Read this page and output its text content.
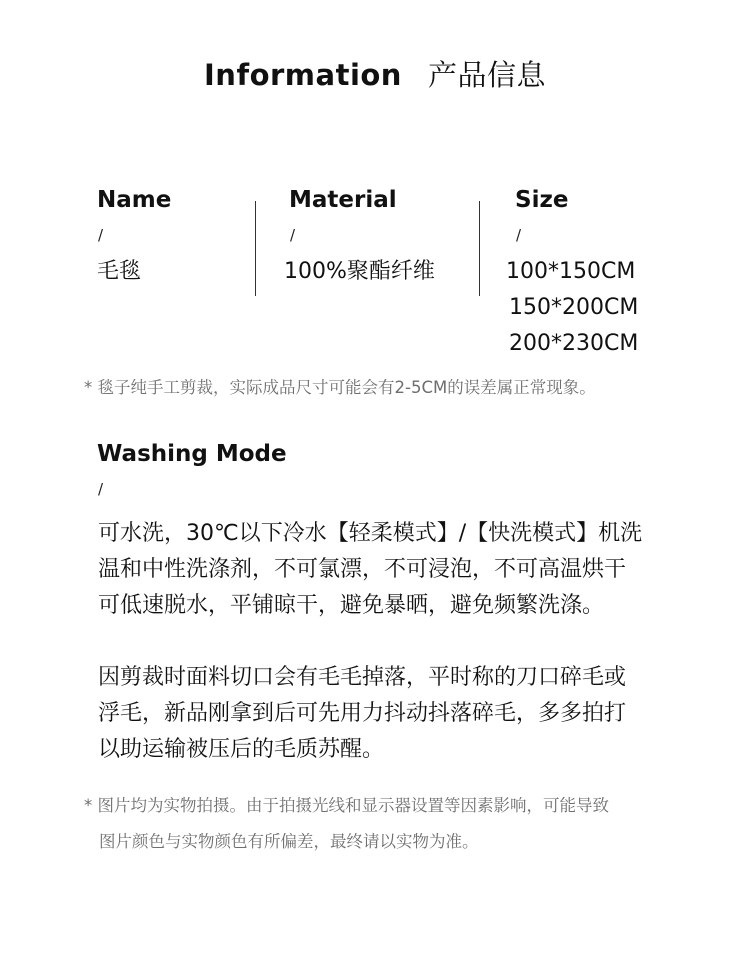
Information 产品信息
Name
/
毛毯
Material
/
100%聚酯纤维
Size
/
100*150CM
150*200CM
200*230CM
* 毯子纯手工剪裁，实际成品尺寸可能会有2-5CM的误差属正常现象。
Washing Mode
/
可水洗，30℃以下冷水【轻柔模式】/【快洗模式】机洗
温和中性洗涤剂，不可氯漂，不可浸泡，不可高温烘干
可低速脱水，平铺晾干，避免暴晒，避免频繁洗涤。
因剪裁时面料切口会有毛毛掉落，平时称的刀口碎毛或
浮毛，新品刚拿到后可先用力抖动抖落碎毛，多多拍打
以助运输被压后的毛质苏醒。
* 图片均为实物拍摄。由于拍摄光线和显示器设置等因素影响，可能导致
图片颜色与实物颜色有所偏差，最终请以实物为准。
